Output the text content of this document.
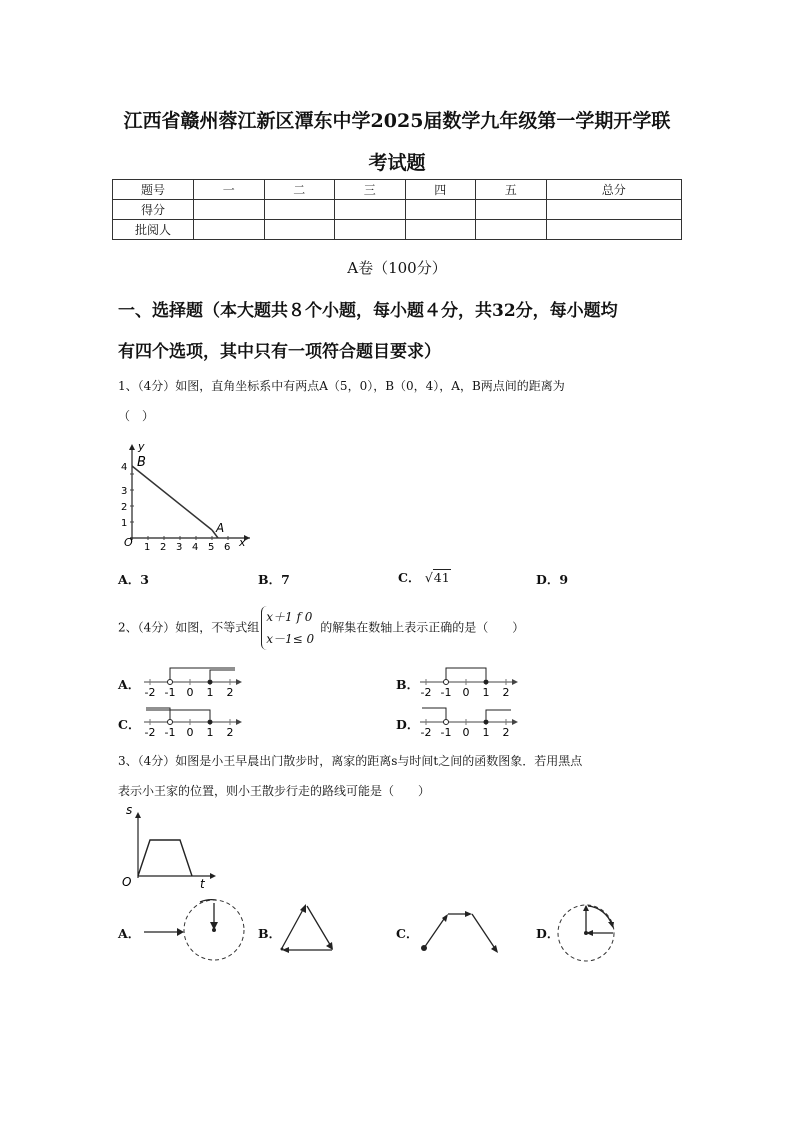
江西省赣州蓉江新区潭东中学2025届数学九年级第一学期开学联
考试题
题号	一	二	三	四	五	总分
得分						
批阅人						
A卷（100分）
一、选择题（本大题共８个小题，每小题４分，共32分，每小题均
有四个选项，其中只有一项符合题目要求）
1、（4分）如图，直角坐标系中有两点A（5，0），B（0，4），A，B两点间的距离为
（　）
O 1 2 3 4 5 6 x
1
2
3
4
y
B
A
A．3	B．7	C． √41	D．9
2、（4分）如图，不等式组
x＋1 f 0
x－1≤ 0
的解集在数轴上表示正确的是（　　）
A．
-2 -1 0 1 2
B．
-2 -1 0 1 2
C．
-2 -1 0 1 2
D．
-2 -1 0 1 2
3、（4分）如图是小王早晨出门散步时，离家的距离s与时间t之间的函数图象．若用黑点
表示小王家的位置，则小王散步行走的路线可能是（　　）
s
O	t
A．	B．	C．	D．
